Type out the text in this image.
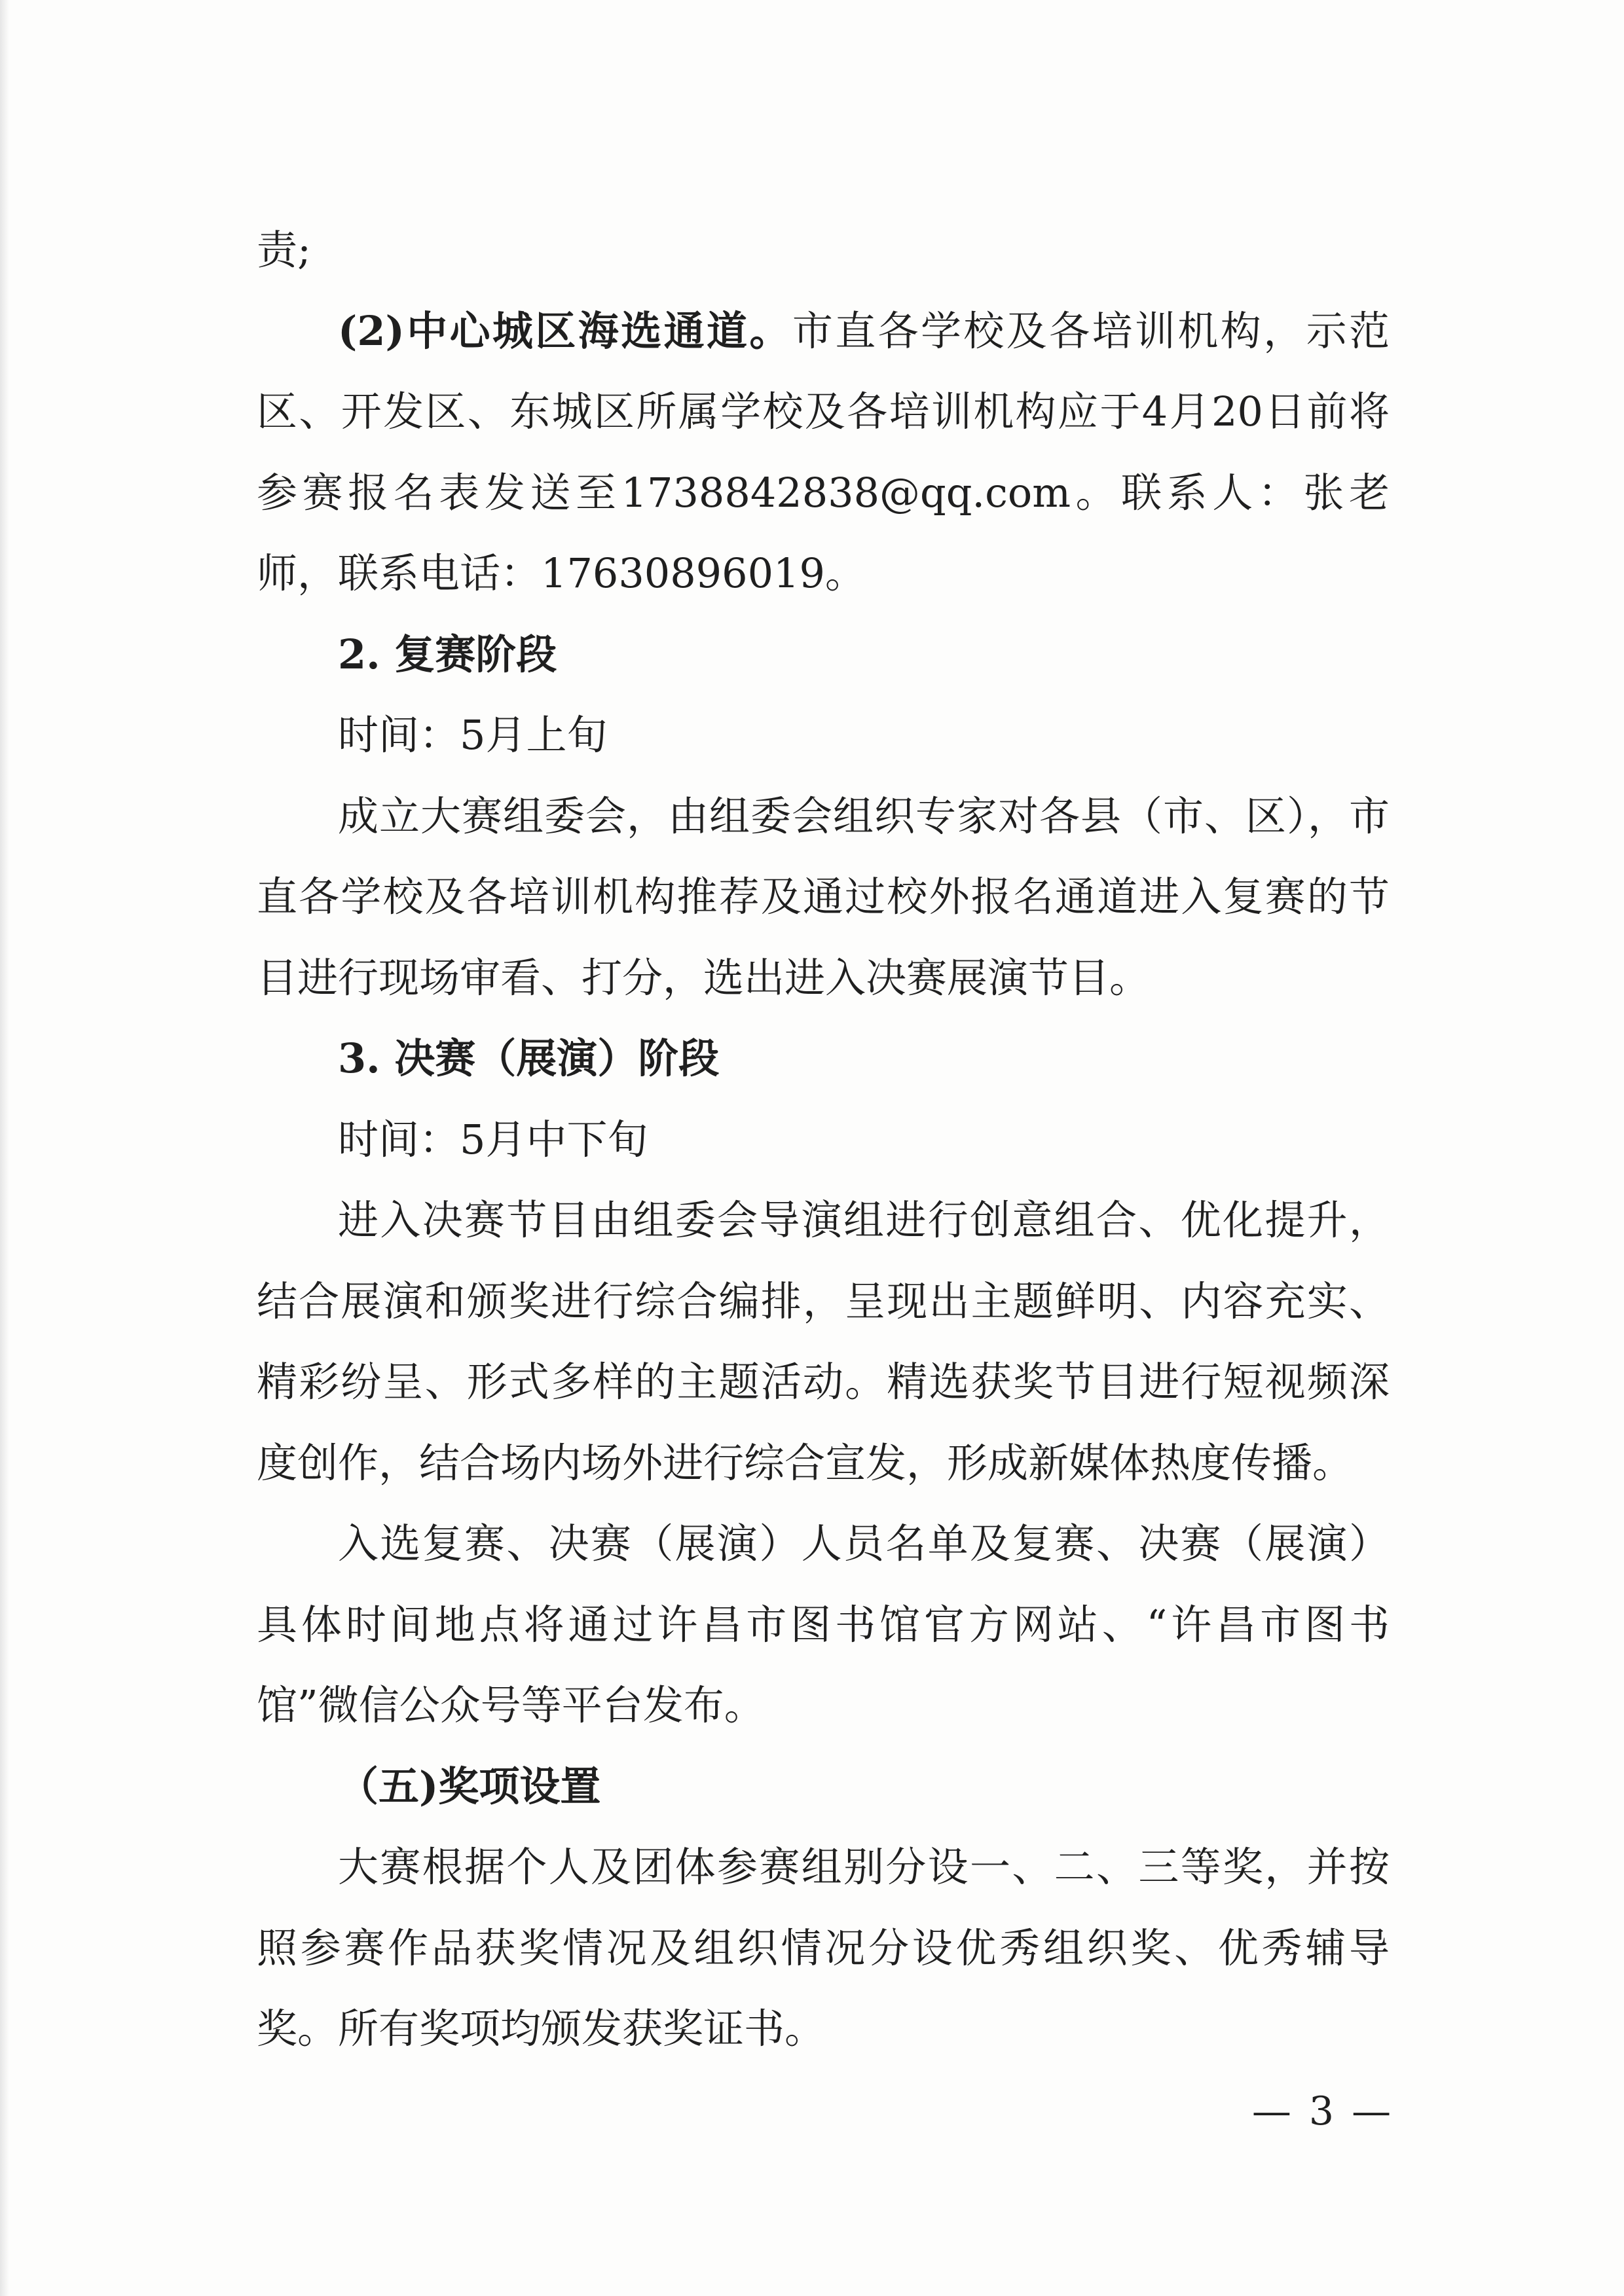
责;

(2)中心城区海选通道。市直各学校及各培训机构，示范区、开发区、东城区所属学校及各培训机构应于4月20日前将参赛报名表发送至1738842838@qq.com。联系人：张老师，联系电话：17630896019。

2. 复赛阶段

时间：5月上旬

成立大赛组委会，由组委会组织专家对各县（市、区），市直各学校及各培训机构推荐及通过校外报名通道进入复赛的节目进行现场审看、打分，选出进入决赛展演节目。

3. 决赛（展演）阶段

时间：5月中下旬

进入决赛节目由组委会导演组进行创意组合、优化提升，结合展演和颁奖进行综合编排，呈现出主题鲜明、内容充实、精彩纷呈、形式多样的主题活动。精选获奖节目进行短视频深度创作，结合场内场外进行综合宣发，形成新媒体热度传播。

入选复赛、决赛（展演）人员名单及复赛、决赛（展演）具体时间地点将通过许昌市图书馆官方网站、“许昌市图书馆”微信公众号等平台发布。

（五)奖项设置

大赛根据个人及团体参赛组别分设一、二、三等奖，并按照参赛作品获奖情况及组织情况分设优秀组织奖、优秀辅导奖。所有奖项均颁发获奖证书。

— 3 —
